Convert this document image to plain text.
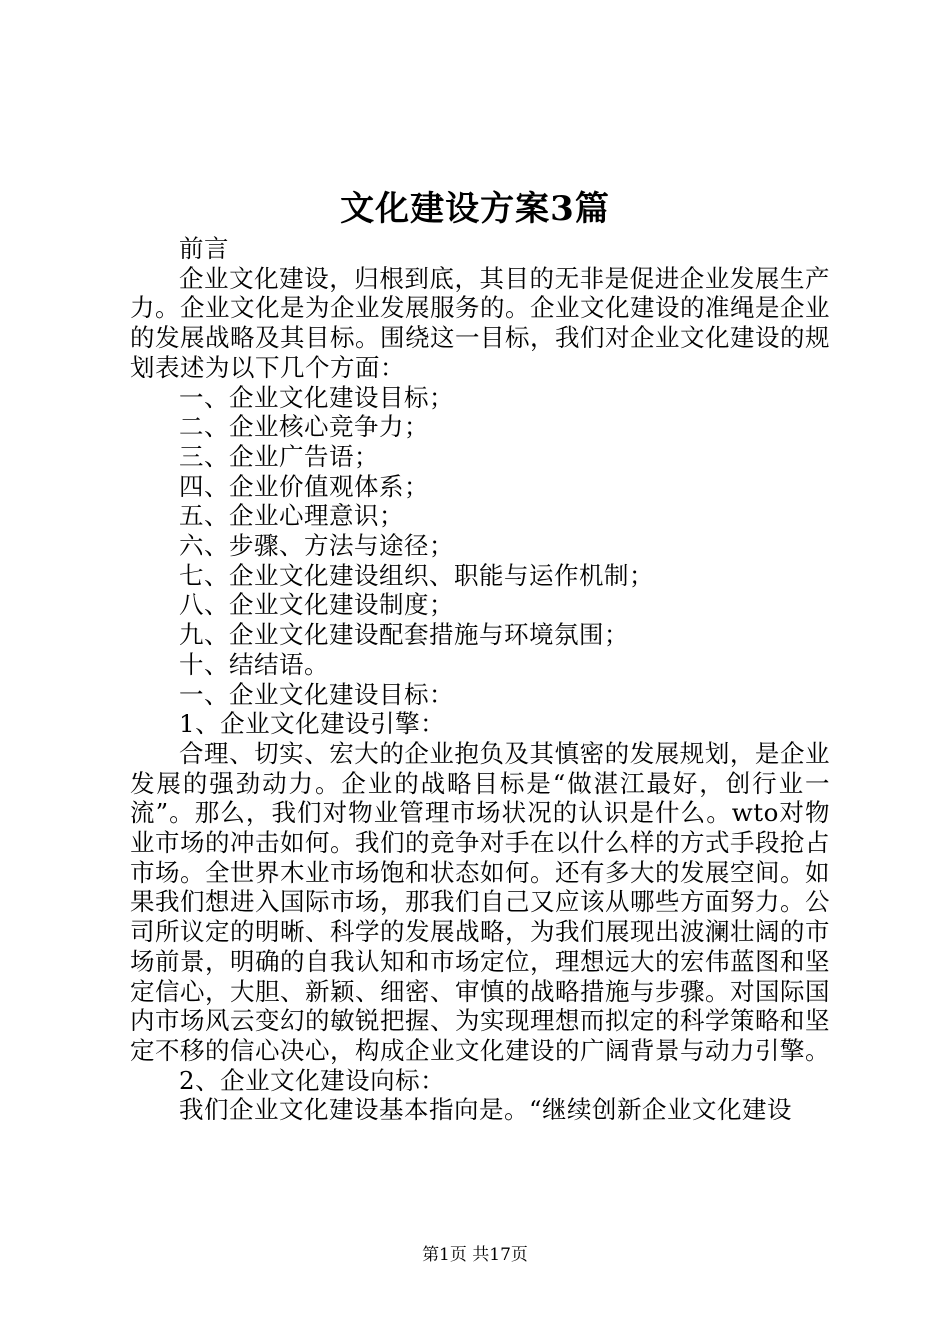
文化建设方案3篇

前言

企业文化建设，归根到底，其目的无非是促进企业发展生产力。企业文化是为企业发展服务的。企业文化建设的准绳是企业的发展战略及其目标。围绕这一目标，我们对企业文化建设的规划表述为以下几个方面：

一、企业文化建设目标；

二、企业核心竞争力；

三、企业广告语；

四、企业价值观体系；

五、企业心理意识；

六、步骤、方法与途径；

七、企业文化建设组织、职能与运作机制；

八、企业文化建设制度；

九、企业文化建设配套措施与环境氛围；

十、结结语。

一、企业文化建设目标：

1、企业文化建设引擎：

合理、切实、宏大的企业抱负及其慎密的发展规划，是企业发展的强劲动力。企业的战略目标是“做湛江最好，创行业一流”。那么，我们对物业管理市场状况的认识是什么。wto对物业市场的冲击如何。我们的竞争对手在以什么样的方式手段抢占市场。全世界木业市场饱和状态如何。还有多大的发展空间。如果我们想进入国际市场，那我们自己又应该从哪些方面努力。公司所议定的明晰、科学的发展战略，为我们展现出波澜壮阔的市场前景，明确的自我认知和市场定位，理想远大的宏伟蓝图和坚定信心，大胆、新颖、细密、审慎的战略措施与步骤。对国际国内市场风云变幻的敏锐把握、为实现理想而拟定的科学策略和坚定不移的信心决心，构成企业文化建设的广阔背景与动力引擎。

2、企业文化建设向标：

我们企业文化建设基本指向是。“继续创新企业文化建设

第1页 共17页
